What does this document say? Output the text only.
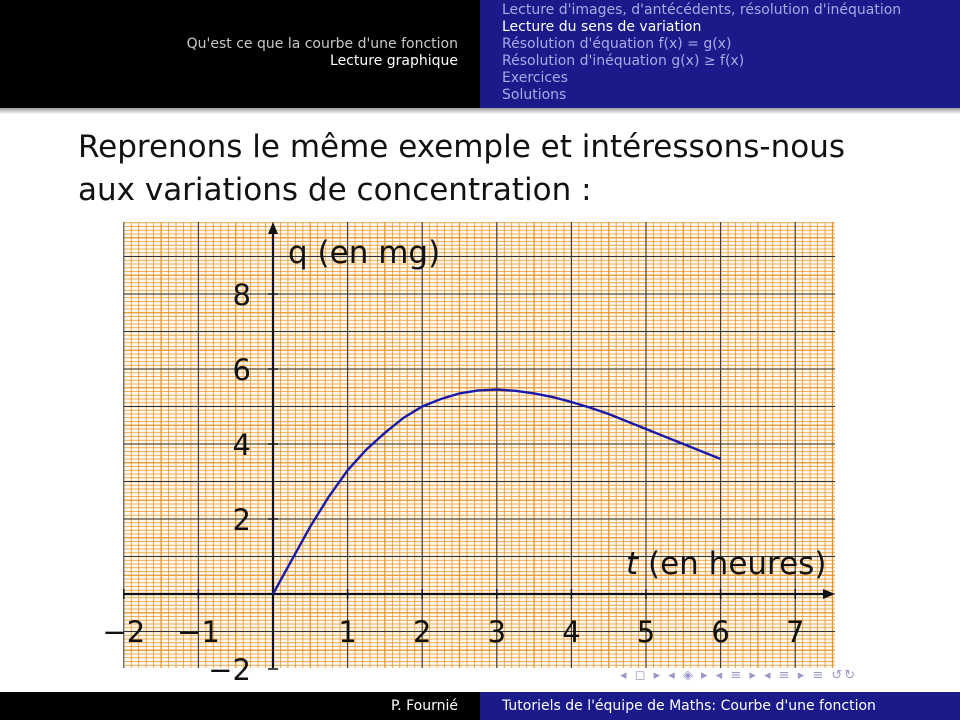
Qu'est ce que la courbe d'une fonction
Lecture graphique
Lecture d'images, d'antécédents, résolution d'inéquation
Lecture du sens de variation
Résolution d'équation f(x) = g(x)
Résolution d'inéquation g(x) ≥ f(x)
Exercices
Solutions
Reprenons le même exemple et intéressons-nous aux variations de concentration :
−2 −1	1 2 3 4 5 6 7
−2
2
4
6
8
q (en mg)
t (en heures)
◂ ◻ ▸ ◂ ◈ ▸ ◂ ≡ ▸ ◂ ≡ ▸ ≡ ↺↻
P. Fournié	Tutoriels de l'équipe de Maths: Courbe d'une fonction
